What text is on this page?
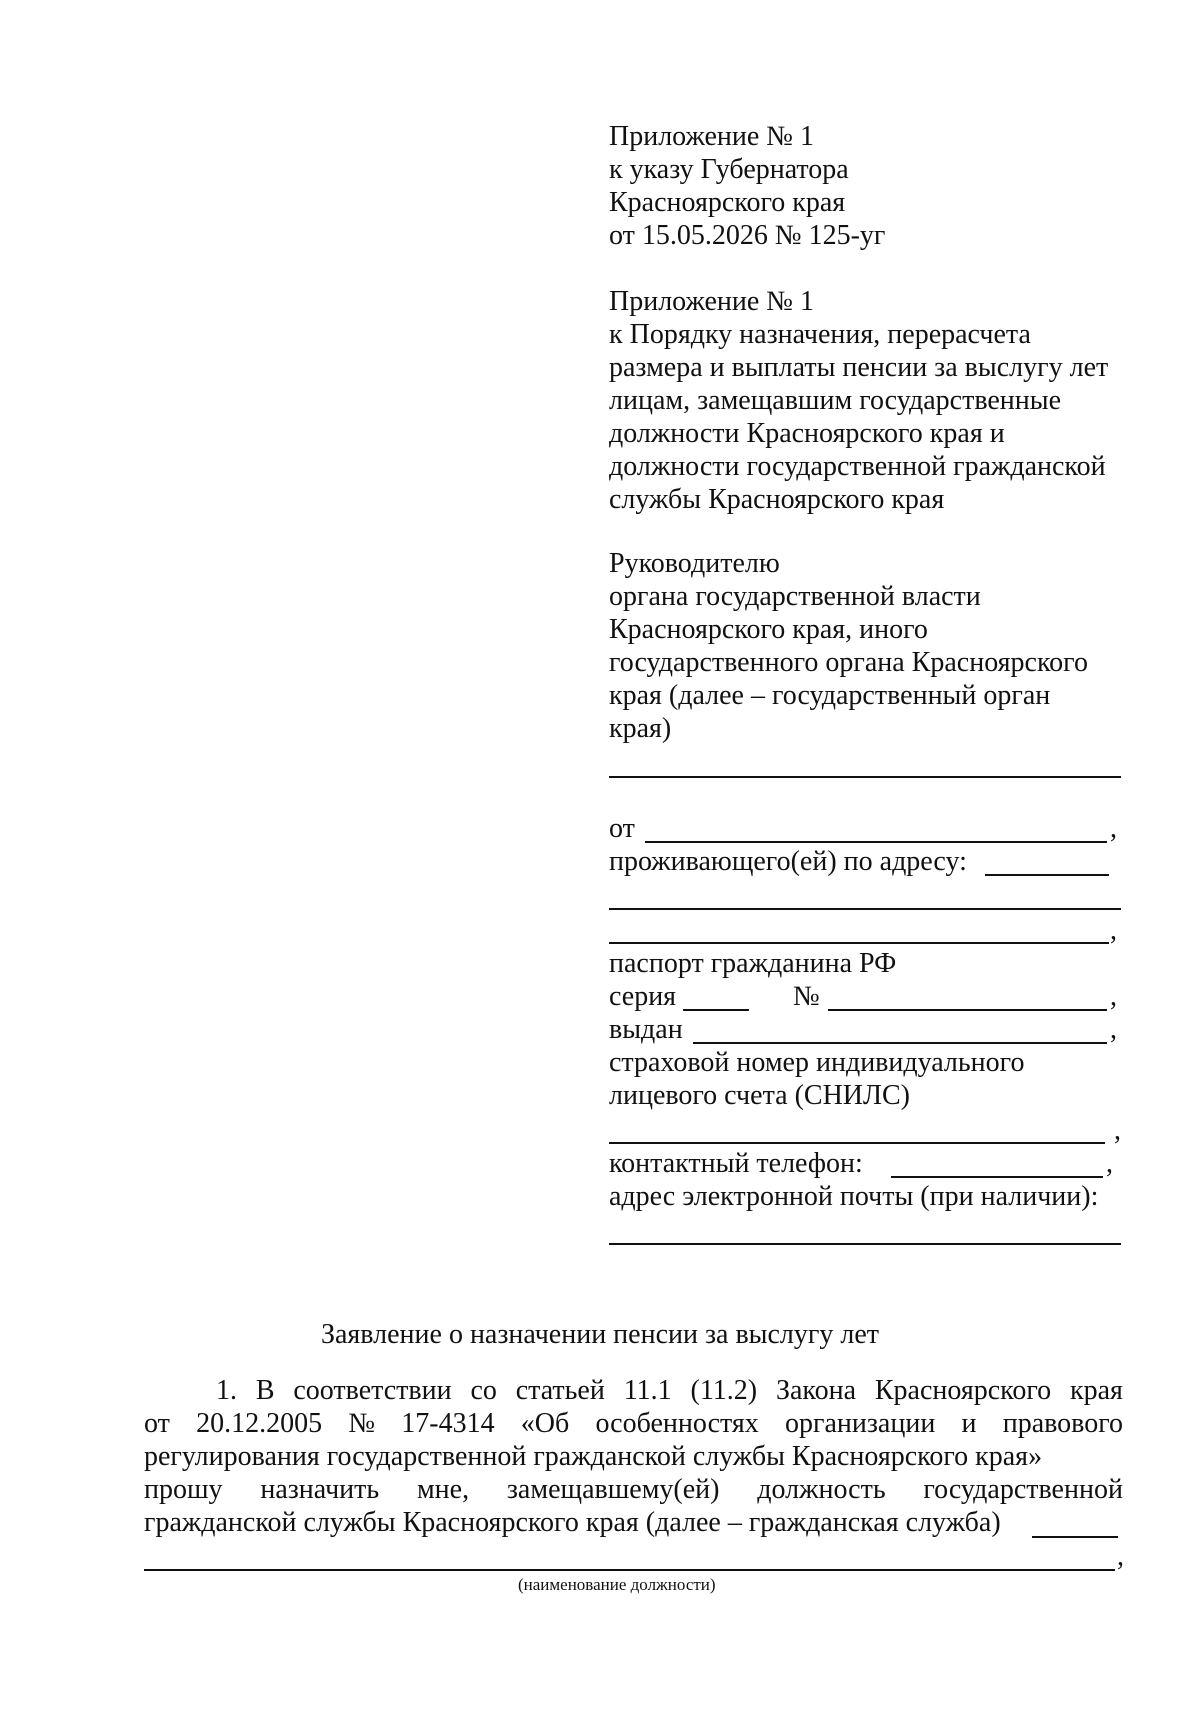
Приложение № 1
к указу Губернатора
Красноярского края
от 15.05.2026 № 125-уг
Приложение № 1
к Порядку назначения, перерасчета
размера и выплаты пенсии за выслугу лет
лицам, замещавшим государственные
должности Красноярского края и
должности государственной гражданской
службы Красноярского края
Руководителю
органа государственной власти
Красноярского края, иного
государственного органа Красноярского
края (далее – государственный орган
края)
от	,
проживающего(ей) по адресу:
,
паспорт гражданина РФ
серия	№	,
выдан	,
страховой номер индивидуального
лицевого счета (СНИЛС)
,
контактный телефон:	,
адрес электронной почты (при наличии):
Заявление о назначении пенсии за выслугу лет
1. В соответствии со статьей 11.1 (11.2) Закона Красноярского края
от 20.12.2005 № 17-4314 «Об особенностях организации и правового
регулирования государственной гражданской службы Красноярского края»
прошу назначить мне, замещавшему(ей) должность государственной
гражданской службы Красноярского края (далее – гражданская служба)
,
(наименование должности)
